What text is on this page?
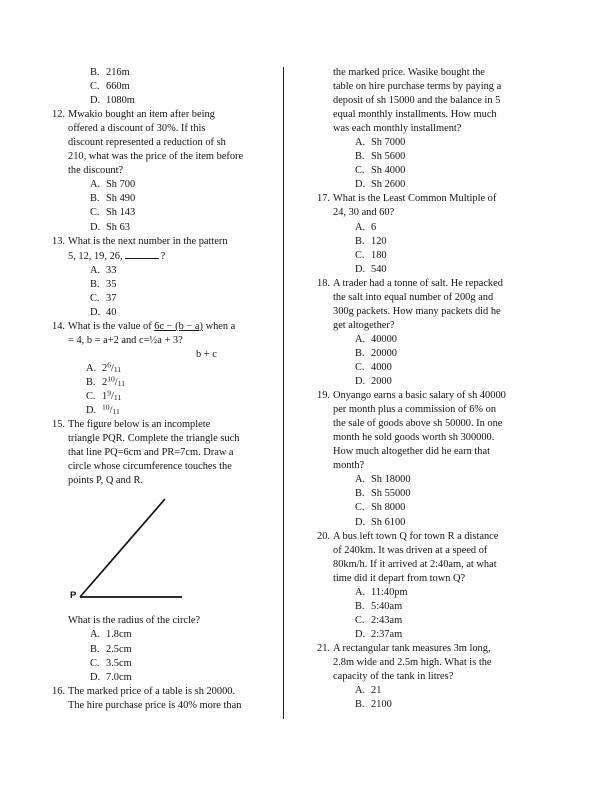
B. 216m
C. 660m
D. 1080m
12. Mwakio bought an item after being
offered a discount of 30%. If this
discount represented a reduction of sh
210, what was the price of the item before
the discount?
A. Sh 700
B. Sh 490
C. Sh 143
D. Sh 63
13. What is the next number in the pattern
5, 12, 19, 26,	?
A. 33
B. 35
C. 37
D. 40
14. What is the value of 6c − (b − a) when a
= 4, b = a+2 and c=½a + 3?
b + c
A. $2^6/_{11}$
B. $2^{10}/_{11}$
C. $1^9/_{11}$
D. $^{10}/_{11}$
15. The figure below is an incomplete
triangle PQR. Complete the triangle such
that line PQ=6cm and PR=7cm. Draw a
circle whose circumference touches the
points P, Q and R.
P
What is the radius of the circle?
A. 1.8cm
B. 2.5cm
C. 3.5cm
D. 7.0cm
16. The marked price of a table is sh 20000.
The hire purchase price is 40% more than
the marked price. Wasike bought the
table on hire purchase terms by paying a
deposit of sh 15000 and the balance in 5
equal monthly installments. How much
was each monthly installment?
A. Sh 7000
B. Sh 5600
C. Sh 4000
D. Sh 2600
17. What is the Least Common Multiple of
24, 30 and 60?
A. 6
B. 120
C. 180
D. 540
18. A trader had a tonne of salt. He repacked
the salt into equal number of 200g and
300g packets. How many packets did he
get altogether?
A. 40000
B. 20000
C. 4000
D. 2000
19. Onyango earns a basic salary of sh 40000
per month plus a commission of 6% on
the sale of goods above sh 50000. In one
month he sold goods worth sh 300000.
How much altogether did he earn that
month?
A. Sh 18000
B. Sh 55000
C. Sh 8000
D. Sh 6100
20. A bus left town Q for town R a distance
of 240km. It was driven at a speed of
80km/h. If it arrived at 2:40am, at what
time did it depart from town Q?
A. 11:40pm
B. 5:40am
C. 2:43am
D. 2:37am
21. A rectangular tank measures 3m long,
2.8m wide and 2.5m high. What is the
capacity of the tank in litres?
A. 21
B. 2100
